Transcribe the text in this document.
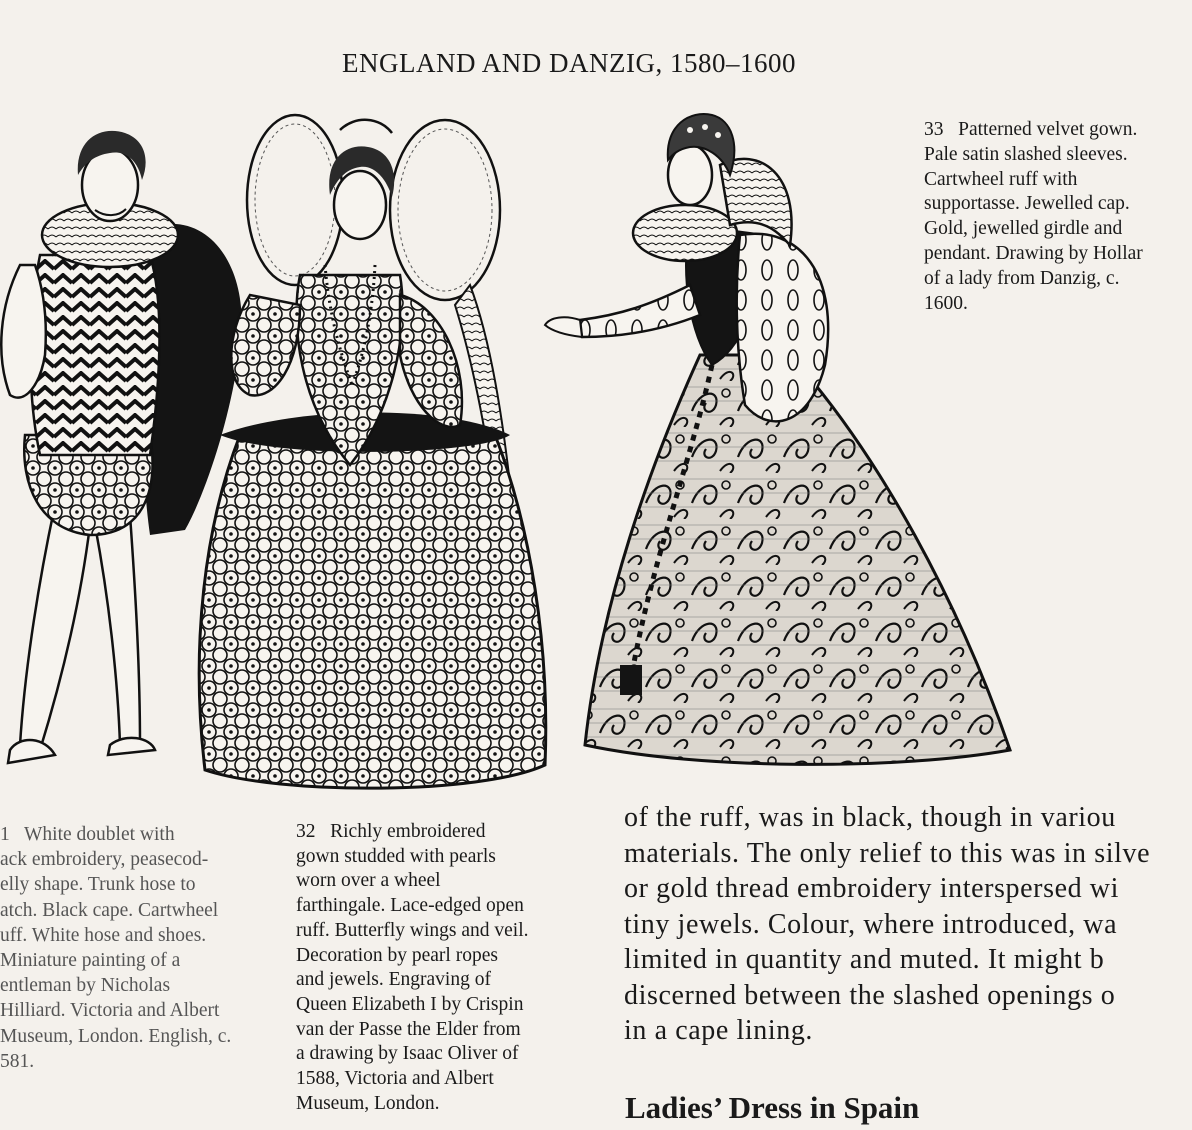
ENGLAND AND DANZIG, 1580–1600
33   Patterned velvet gown.
Pale satin slashed sleeves.
Cartwheel ruff with
supportasse. Jewelled cap.
Gold, jewelled girdle and
pendant. Drawing by Hollar
of a lady from Danzig, c.
1600.
1   White doublet with
ack embroidery, peasecod-
elly shape. Trunk hose to
atch. Black cape. Cartwheel
uff. White hose and shoes.
Miniature painting of a
entleman by Nicholas
Hilliard. Victoria and Albert
Museum, London. English, c.
581.
32   Richly embroidered
gown studded with pearls
worn over a wheel
farthingale. Lace-edged open
ruff. Butterfly wings and veil.
Decoration by pearl ropes
and jewels. Engraving of
Queen Elizabeth I by Crispin
van der Passe the Elder from
a drawing by Isaac Oliver of
1588, Victoria and Albert
Museum, London.
of the ruff, was in black, though in variou
materials. The only relief to this was in silve
or gold thread embroidery interspersed wi
tiny jewels. Colour, where introduced, wa
limited in quantity and muted. It might b
discerned between the slashed openings o
in a cape lining.
Ladies’ Dress in Spain
